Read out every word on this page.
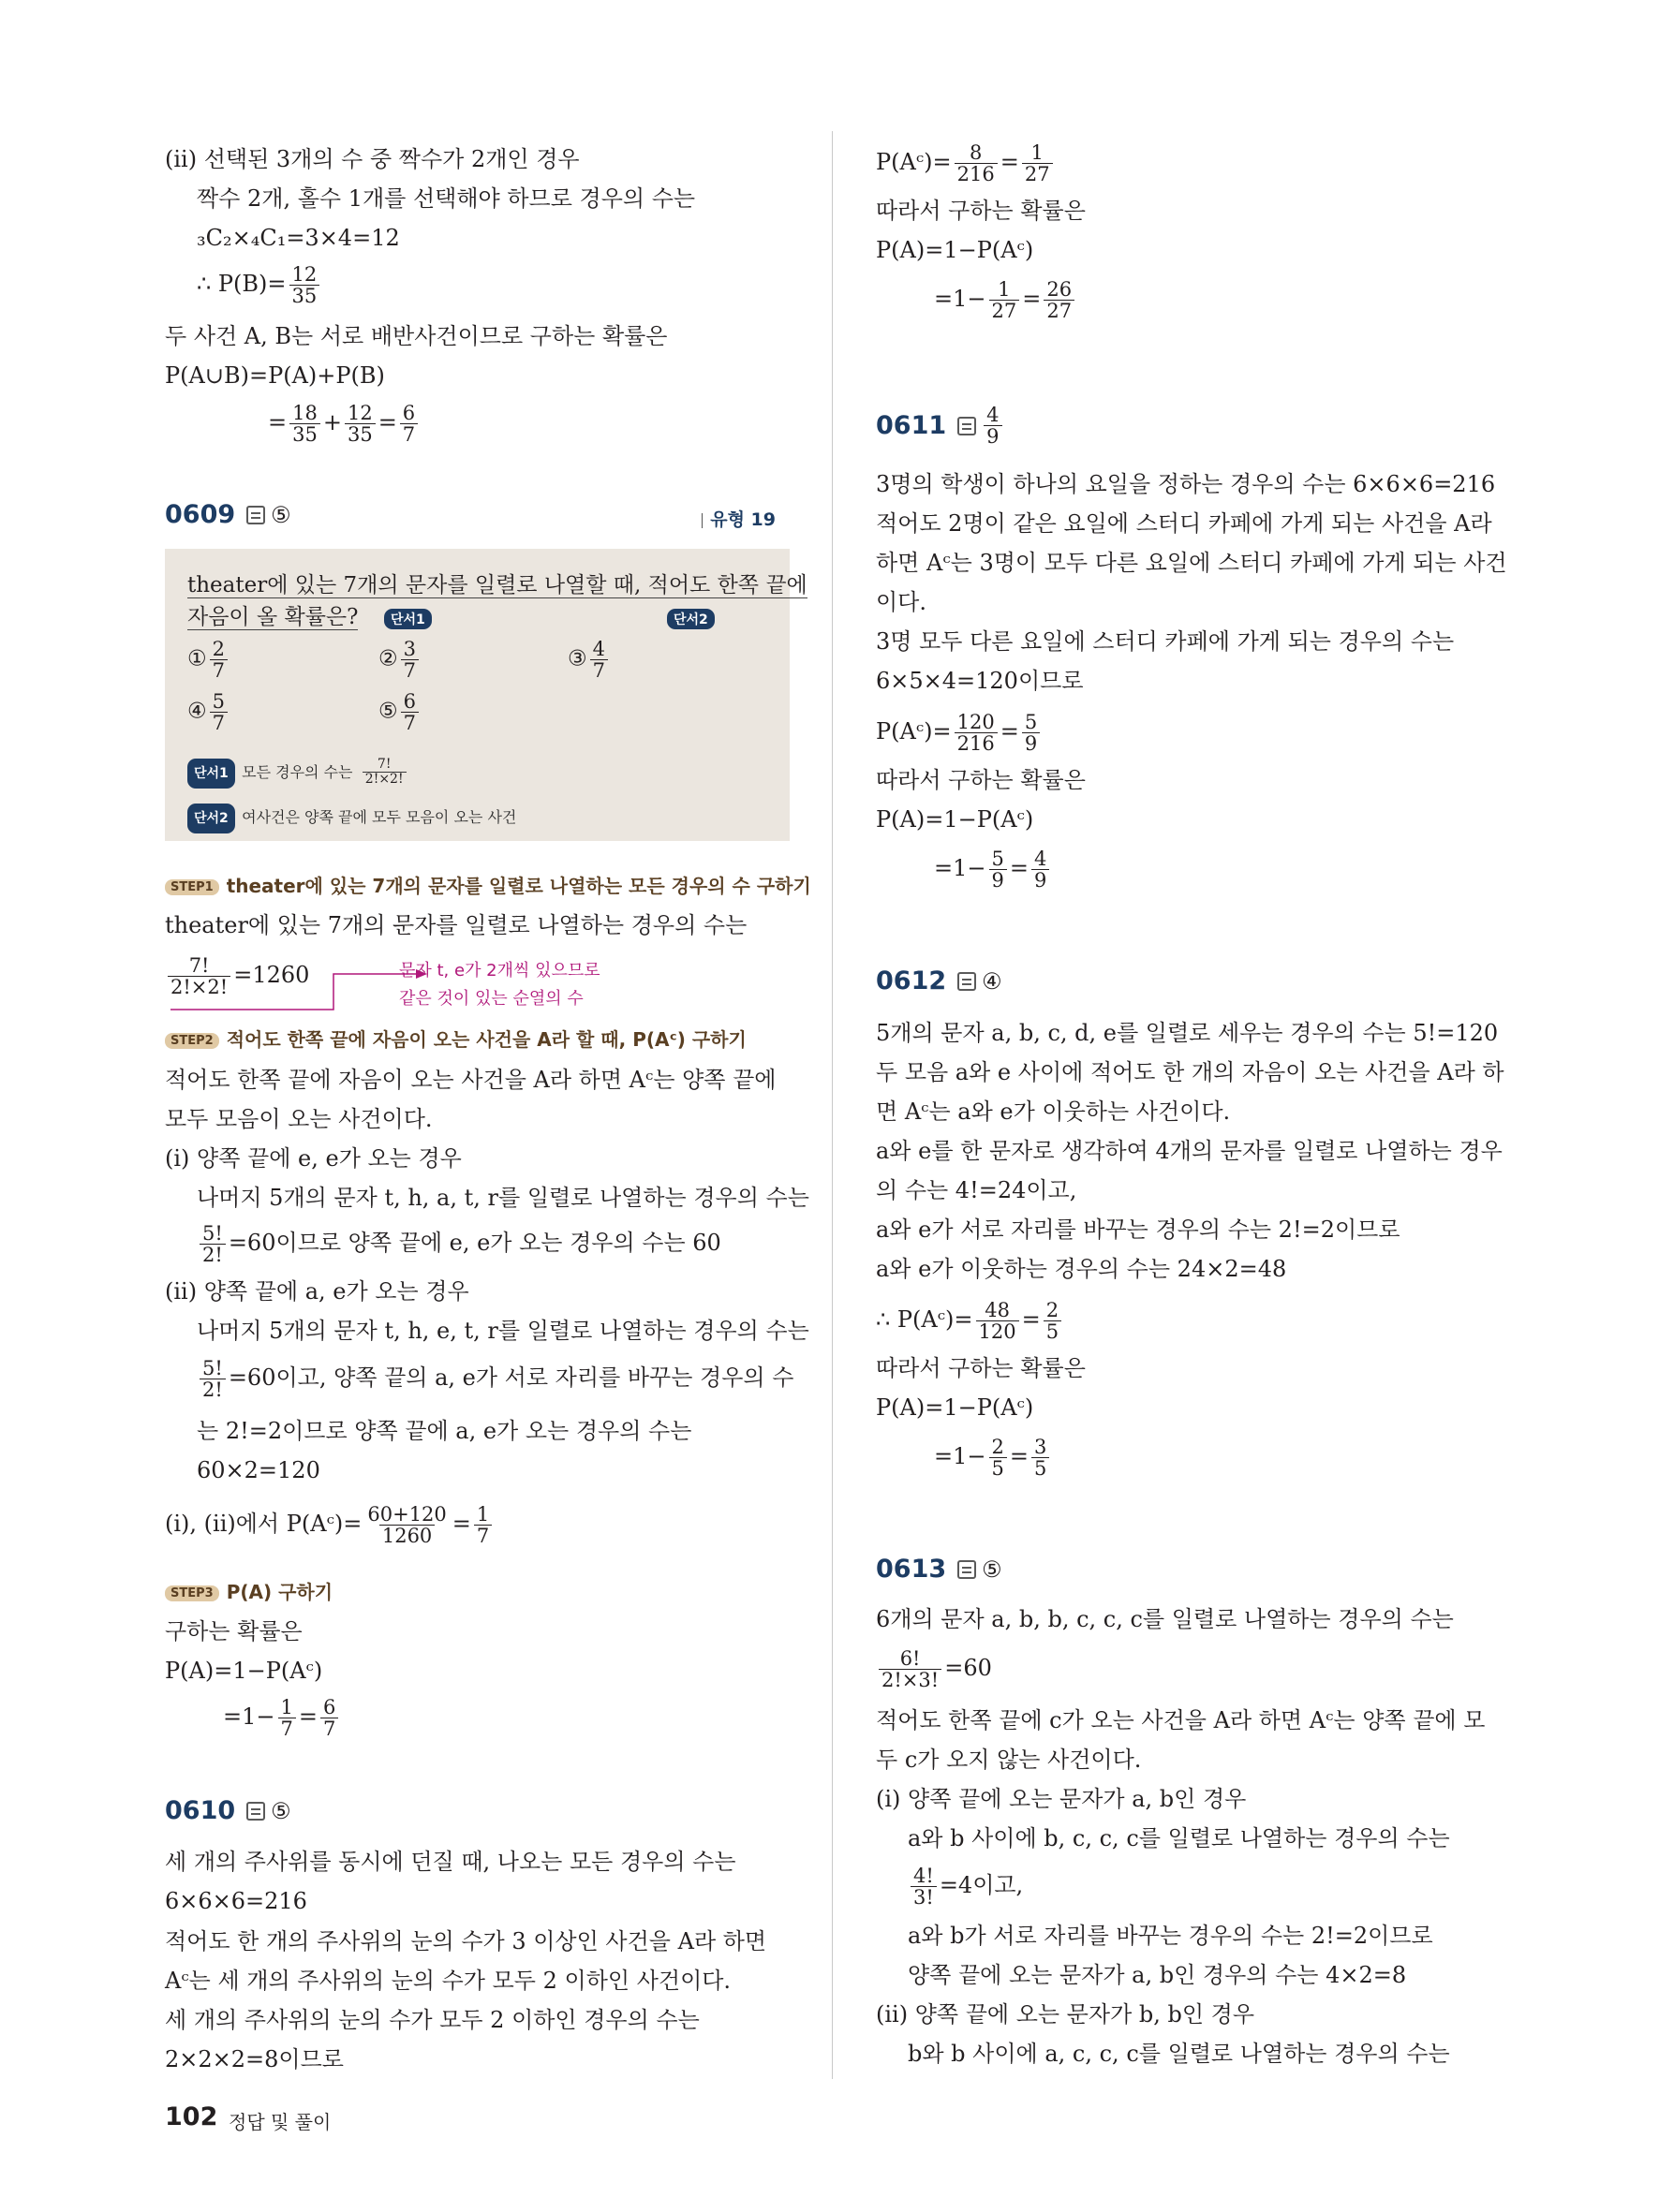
(ii) 선택된 3개의 수 중 짝수가 2개인 경우
짝수 2개, 홀수 1개를 선택해야 하므로 경우의 수는
₃C₂×₄C₁=3×4=12
∴ $P(B)= \frac{12}{35}$
두 사건 A, B는 서로 배반사건이므로 구하는 확률은
P(A∪B)=P(A)+P(B)
= $\frac{18}{35} + \frac{12}{35} = \frac{6}{7}$
0609 ⑤	유형 19
theater에 있는 7개의 문자를 일렬로 나열할 때, 적어도 한쪽 끝에
자음이 올 확률은?	단서1	단서2
① $\frac{2}{7}$	② $\frac{3}{7}$	③ $\frac{4}{7}$
④ $\frac{5}{7}$	⑤ $\frac{6}{7}$
단서1 모든 경우의 수는 $\frac{7!}{2!\times 2!}$
단서2 여사건은 양쪽 끝에 모두 모음이 오는 사건
STEP1 theater에 있는 7개의 문자를 일렬로 나열하는 모든 경우의 수 구하기
theater에 있는 7개의 문자를 일렬로 나열하는 경우의 수는
$\frac{7!}{2!\times 2!} =1260$	문자 t, e가 2개씩 있으므로
같은 것이 있는 순열의 수
STEP2 적어도 한쪽 끝에 자음이 오는 사건을 A라 할 때, P(Aᶜ) 구하기
적어도 한쪽 끝에 자음이 오는 사건을 A라 하면 Aᶜ는 양쪽 끝에
모두 모음이 오는 사건이다.
(i) 양쪽 끝에 e, e가 오는 경우
나머지 5개의 문자 t, h, a, t, r를 일렬로 나열하는 경우의 수는
$\frac{5!}{2!} =60$이므로 양쪽 끝에 e, e가 오는 경우의 수는 60
(ii) 양쪽 끝에 a, e가 오는 경우
나머지 5개의 문자 t, h, e, t, r를 일렬로 나열하는 경우의 수는
$\frac{5!}{2!} =60$이고, 양쪽 끝의 a, e가 서로 자리를 바꾸는 경우의 수
는 2!=2이므로 양쪽 끝에 a, e가 오는 경우의 수는
60×2=120
(i), (ii)에서 P(Aᶜ)= $\frac{60+120}{1260} = \frac{1}{7}$
STEP3 P(A) 구하기
구하는 확률은
P(A)=1−P(Aᶜ)
$=1- \frac{1}{7} = \frac{6}{7}$
0610 ⑤
세 개의 주사위를 동시에 던질 때, 나오는 모든 경우의 수는
6×6×6=216
적어도 한 개의 주사위의 눈의 수가 3 이상인 사건을 A라 하면
Aᶜ는 세 개의 주사위의 눈의 수가 모두 2 이하인 사건이다.
세 개의 주사위의 눈의 수가 모두 2 이하인 경우의 수는
2×2×2=8이므로
P(Aᶜ)= $\frac{8}{216} = \frac{1}{27}$
따라서 구하는 확률은
P(A)=1−P(Aᶜ)
$=1- \frac{1}{27} = \frac{26}{27}$
$0611 \frac{4}{9}$
3명의 학생이 하나의 요일을 정하는 경우의 수는 6×6×6=216
적어도 2명이 같은 요일에 스터디 카페에 가게 되는 사건을 A라
하면 Aᶜ는 3명이 모두 다른 요일에 스터디 카페에 가게 되는 사건
이다.
3명 모두 다른 요일에 스터디 카페에 가게 되는 경우의 수는
6×5×4=120이므로
P(Aᶜ)= $\frac{120}{216} = \frac{5}{9}$
따라서 구하는 확률은
P(A)=1−P(Aᶜ)
$=1- \frac{5}{9} = \frac{4}{9}$
0612 ④
5개의 문자 a, b, c, d, e를 일렬로 세우는 경우의 수는 5!=120
두 모음 a와 e 사이에 적어도 한 개의 자음이 오는 사건을 A라 하
면 Aᶜ는 a와 e가 이웃하는 사건이다.
a와 e를 한 문자로 생각하여 4개의 문자를 일렬로 나열하는 경우
의 수는 4!=24이고,
a와 e가 서로 자리를 바꾸는 경우의 수는 2!=2이므로
a와 e가 이웃하는 경우의 수는 24×2=48
∴ P(Aᶜ)= $\frac{48}{120} = \frac{2}{5}$
따라서 구하는 확률은
P(A)=1−P(Aᶜ)
$=1- \frac{2}{5} = \frac{3}{5}$
0613 ⑤
6개의 문자 a, b, b, c, c, c를 일렬로 나열하는 경우의 수는
$\frac{6!}{2!\times 3!} =60$
적어도 한쪽 끝에 c가 오는 사건을 A라 하면 Aᶜ는 양쪽 끝에 모
두 c가 오지 않는 사건이다.
(i) 양쪽 끝에 오는 문자가 a, b인 경우
a와 b 사이에 b, c, c, c를 일렬로 나열하는 경우의 수는
$\frac{4!}{3!} =4$이고,
a와 b가 서로 자리를 바꾸는 경우의 수는 2!=2이므로
양쪽 끝에 오는 문자가 a, b인 경우의 수는 4×2=8
(ii) 양쪽 끝에 오는 문자가 b, b인 경우
b와 b 사이에 a, c, c, c를 일렬로 나열하는 경우의 수는
102 정답 및 풀이
